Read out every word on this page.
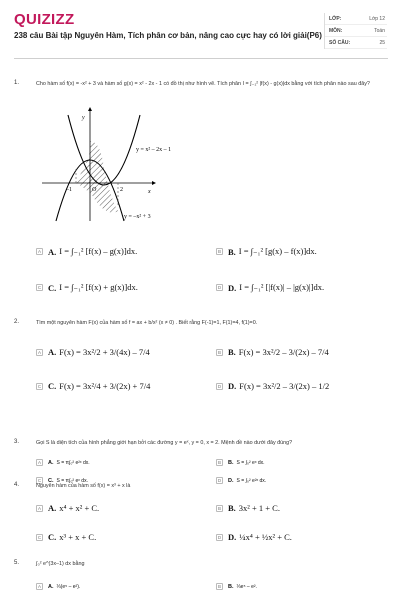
QUIZIZZ
238 câu Bài tập Nguyên Hàm, Tích phân cơ bản, nâng cao cực hay có lời giải(P6)
LỚP:	Lớp 12
MÔN:	Toán
SỐ CÂU:	25
1.	Cho hàm số f(x) = -x² + 3 và hàm số g(x) = x² - 2x - 1 có đồ thị như hình vẽ. Tích phân I = ∫₋₁² |f(x) - g(x)|dx bằng với tích phân nào sau đây?
y
x
O
–1	2
y = x² – 2x – 1
y = –x² + 3
A A. I = ∫₋₁² [f(x) – g(x)]dx.	B B. I = ∫₋₁² [g(x) – f(x)]dx.
C C. I = ∫₋₁² [f(x) + g(x)]dx.	D D. I = ∫₋₁² [|f(x)| – |g(x)|]dx.
2.	Tìm một nguyên hàm F(x) của hàm số f = ax + b/x² (x ≠ 0) . Biết rằng F(-1)=1, F(1)=4, f(1)=0.
A A. F(x) = 3x²/2 + 3/(4x) – 7/4	B B. F(x) = 3x²/2 – 3/(2x) – 7/4
C C. F(x) = 3x²/4 + 3/(2x) + 7/4	D D. F(x) = 3x²/2 – 3/(2x) – 1/2
3.	Gọi S là diện tích của hình phẳng giới hạn bởi các đường y = eˣ, y = 0, x = 2. Mệnh đề nào dưới đây đúng?
A	A. S = π∫₀² e²ˣ dx.	B	B. S = ∫₀² eˣ dx.
C	C. S = π∫₀² eˣ dx.	D	D. S = ∫₀² e²ˣ dx.
4.	Nguyên hàm của hàm số f(x) = x³ + x là
A A. x⁴ + x² + C.	B B. 3x² + 1 + C.
C C. x³ + x + C.	D D. ¼x⁴ + ½x² + C.
5.	∫₀² e^(3x–1) dx bằng
A	A. ⅓(e⁵ – e²).	B	B. ⅓e⁵ – e².
